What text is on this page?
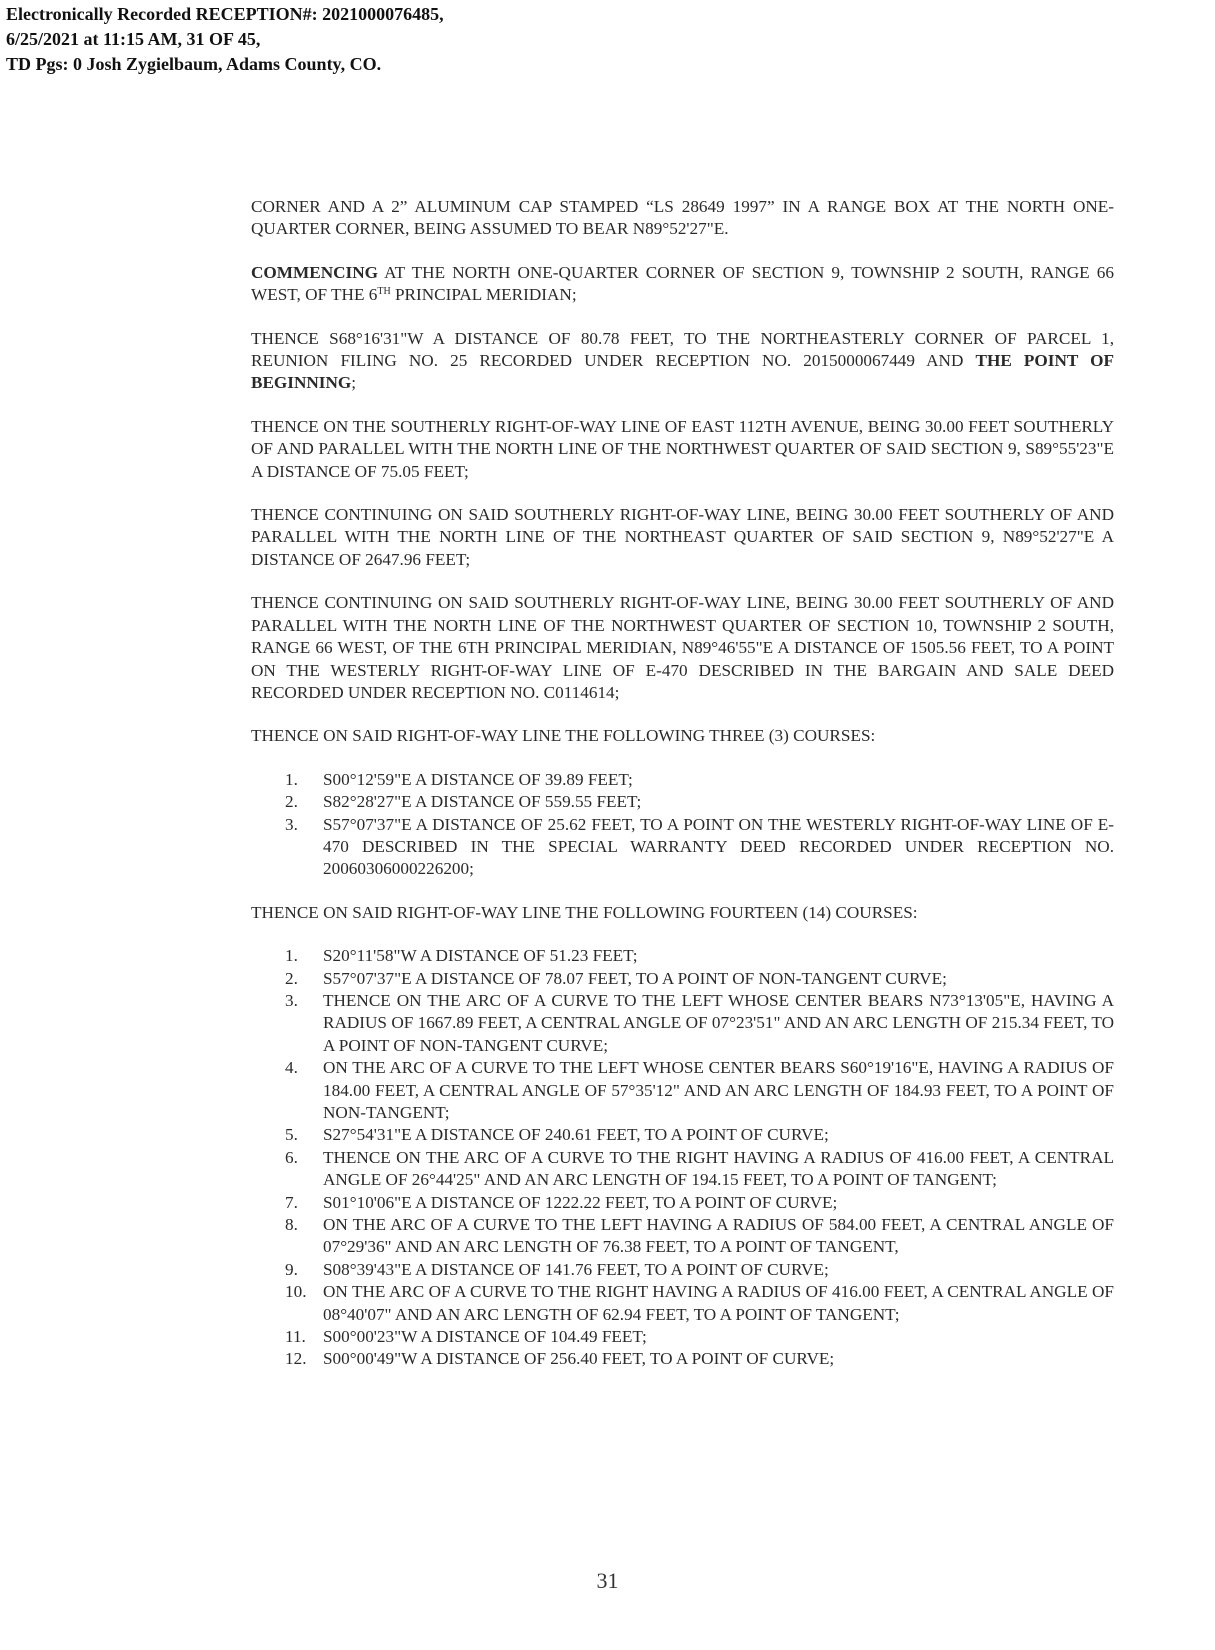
Electronically Recorded RECEPTION#: 2021000076485,
6/25/2021 at 11:15 AM, 31 OF 45,
TD Pgs: 0 Josh Zygielbaum, Adams County, CO.

CORNER AND A 2” ALUMINUM CAP STAMPED “LS 28649 1997” IN A RANGE BOX AT THE NORTH ONE-QUARTER CORNER, BEING ASSUMED TO BEAR N89°52'27"E.

COMMENCING AT THE NORTH ONE-QUARTER CORNER OF SECTION 9, TOWNSHIP 2 SOUTH, RANGE 66 WEST, OF THE 6TH PRINCIPAL MERIDIAN;

THENCE S68°16'31"W A DISTANCE OF 80.78 FEET, TO THE NORTHEASTERLY CORNER OF PARCEL 1, REUNION FILING NO. 25 RECORDED UNDER RECEPTION NO. 2015000067449 AND THE POINT OF BEGINNING;

THENCE ON THE SOUTHERLY RIGHT-OF-WAY LINE OF EAST 112TH AVENUE, BEING 30.00 FEET SOUTHERLY OF AND PARALLEL WITH THE NORTH LINE OF THE NORTHWEST QUARTER OF SAID SECTION 9, S89°55'23"E A DISTANCE OF 75.05 FEET;

THENCE CONTINUING ON SAID SOUTHERLY RIGHT-OF-WAY LINE, BEING 30.00 FEET SOUTHERLY OF AND PARALLEL WITH THE NORTH LINE OF THE NORTHEAST QUARTER OF SAID SECTION 9, N89°52'27"E A DISTANCE OF 2647.96 FEET;

THENCE CONTINUING ON SAID SOUTHERLY RIGHT-OF-WAY LINE, BEING 30.00 FEET SOUTHERLY OF AND PARALLEL WITH THE NORTH LINE OF THE NORTHWEST QUARTER OF SECTION 10, TOWNSHIP 2 SOUTH, RANGE 66 WEST, OF THE 6TH PRINCIPAL MERIDIAN, N89°46'55"E A DISTANCE OF 1505.56 FEET, TO A POINT ON THE WESTERLY RIGHT-OF-WAY LINE OF E-470 DESCRIBED IN THE BARGAIN AND SALE DEED RECORDED UNDER RECEPTION NO. C0114614;

THENCE ON SAID RIGHT-OF-WAY LINE THE FOLLOWING THREE (3) COURSES:

1.	S00°12'59"E A DISTANCE OF 39.89 FEET;
2.	S82°28'27"E A DISTANCE OF 559.55 FEET;
3.	S57°07'37"E A DISTANCE OF 25.62 FEET, TO A POINT ON THE WESTERLY RIGHT-OF-WAY LINE OF E-470 DESCRIBED IN THE SPECIAL WARRANTY DEED RECORDED UNDER RECEPTION NO. 20060306000226200;

THENCE ON SAID RIGHT-OF-WAY LINE THE FOLLOWING FOURTEEN (14) COURSES:

1.	S20°11'58"W A DISTANCE OF 51.23 FEET;
2.	S57°07'37"E A DISTANCE OF 78.07 FEET, TO A POINT OF NON-TANGENT CURVE;
3.	THENCE ON THE ARC OF A CURVE TO THE LEFT WHOSE CENTER BEARS N73°13'05"E, HAVING A RADIUS OF 1667.89 FEET, A CENTRAL ANGLE OF 07°23'51" AND AN ARC LENGTH OF 215.34 FEET, TO A POINT OF NON-TANGENT CURVE;
4.	ON THE ARC OF A CURVE TO THE LEFT WHOSE CENTER BEARS S60°19'16"E, HAVING A RADIUS OF 184.00 FEET, A CENTRAL ANGLE OF 57°35'12" AND AN ARC LENGTH OF 184.93 FEET, TO A POINT OF NON-TANGENT;
5.	S27°54'31"E A DISTANCE OF 240.61 FEET, TO A POINT OF CURVE;
6.	THENCE ON THE ARC OF A CURVE TO THE RIGHT HAVING A RADIUS OF 416.00 FEET, A CENTRAL ANGLE OF 26°44'25" AND AN ARC LENGTH OF 194.15 FEET, TO A POINT OF TANGENT;
7.	S01°10'06"E A DISTANCE OF 1222.22 FEET, TO A POINT OF CURVE;
8.	ON THE ARC OF A CURVE TO THE LEFT HAVING A RADIUS OF 584.00 FEET, A CENTRAL ANGLE OF 07°29'36" AND AN ARC LENGTH OF 76.38 FEET, TO A POINT OF TANGENT,
9.	S08°39'43"E A DISTANCE OF 141.76 FEET, TO A POINT OF CURVE;
10. ON THE ARC OF A CURVE TO THE RIGHT HAVING A RADIUS OF 416.00 FEET, A CENTRAL ANGLE OF 08°40'07" AND AN ARC LENGTH OF 62.94 FEET, TO A POINT OF TANGENT;
11. S00°00'23"W A DISTANCE OF 104.49 FEET;
12. S00°00'49"W A DISTANCE OF 256.40 FEET, TO A POINT OF CURVE;
31
